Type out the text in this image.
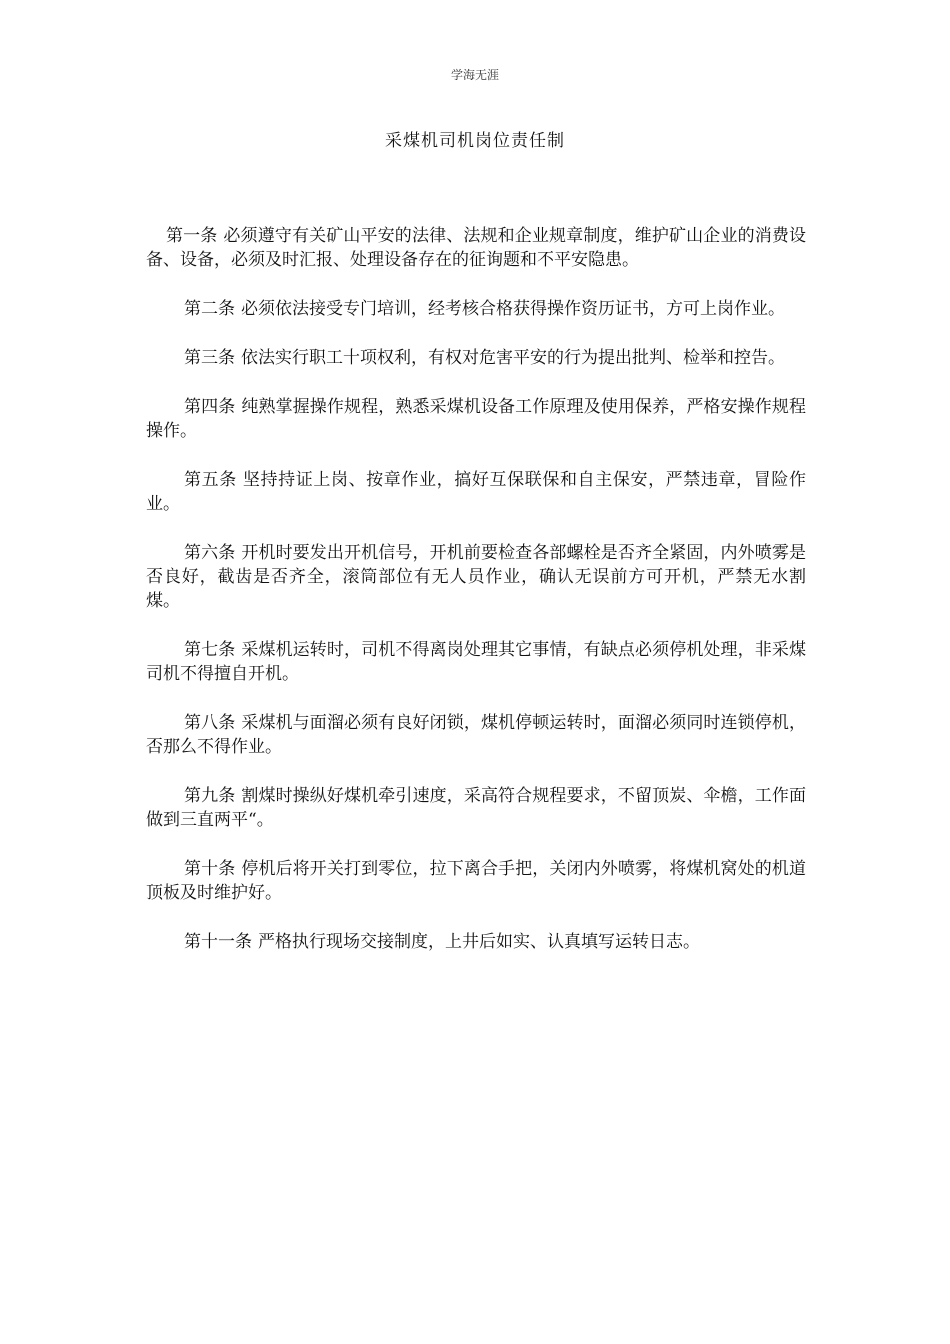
学海无涯
采煤机司机岗位责任制

第一条 必须遵守有关矿山平安的法律、法规和企业规章制度，维护矿山企业的消费设备、设备，必须及时汇报、处理设备存在的征询题和不平安隐患。

第二条 必须依法接受专门培训，经考核合格获得操作资历证书，方可上岗作业。

第三条 依法实行职工十项权利，有权对危害平安的行为提出批判、检举和控告。

第四条 纯熟掌握操作规程，熟悉采煤机设备工作原理及使用保养，严格安操作规程操作。

第五条 坚持持证上岗、按章作业，搞好互保联保和自主保安，严禁违章，冒险作业。

第六条 开机时要发出开机信号，开机前要检查各部螺栓是否齐全紧固，内外喷雾是否良好，截齿是否齐全，滚筒部位有无人员作业，确认无误前方可开机，严禁无水割煤。

第七条 采煤机运转时，司机不得离岗处理其它事情，有缺点必须停机处理，非采煤司机不得擅自开机。

第八条 采煤机与面溜必须有良好闭锁，煤机停顿运转时，面溜必须同时连锁停机，否那么不得作业。

第九条 割煤时操纵好煤机牵引速度，采高符合规程要求，不留顶炭、伞檐，工作面做到三直两平“。

第十条 停机后将开关打到零位，拉下离合手把，关闭内外喷雾，将煤机窝处的机道顶板及时维护好。

第十一条 严格执行现场交接制度，上井后如实、认真填写运转日志。
